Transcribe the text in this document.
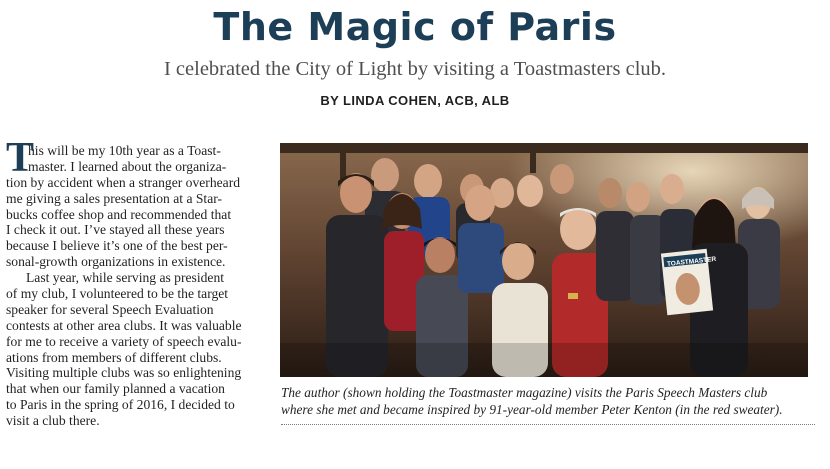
The Magic of Paris
I celebrated the City of Light by visiting a Toastmasters club.
BY LINDA COHEN, ACB, ALB
T
his will be my 10th year as a Toast-
master. I learned about the organiza-
tion by accident when a stranger overheard
me giving a sales presentation at a Star-
bucks coffee shop and recommended that
I check it out. I’ve stayed all these years
because I believe it’s one of the best per-
sonal-growth organizations in existence.
Last year, while serving as president
of my club, I volunteered to be the target
speaker for several Speech Evaluation
contests at other area clubs. It was valuable
for me to receive a variety of speech evalu-
ations from members of different clubs.
Visiting multiple clubs was so enlightening
that when our family planned a vacation
to Paris in the spring of 2016, I decided to
visit a club there.
TOASTMASTER
The author (shown holding the Toastmaster magazine) visits the Paris Speech Masters club
where she met and became inspired by 91-year-old member Peter Kenton (in the red sweater).
